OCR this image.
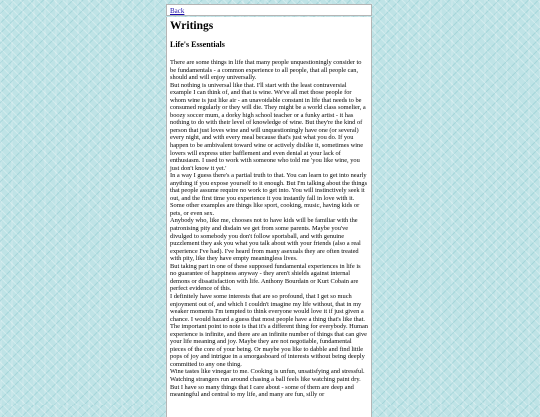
Back
Writings
Life's Essentials

There are some things in life that many people unquestioningly consider to be fundamentals - a common experience to all people, that all people can, should and will enjoy universally.

But nothing is universal like that. I'll start with the least contraversial example I can think of, and that is wine. We've all met those people for whom wine is just like air - an unavoidable constant in life that needs to be consumed regularly or they will die. They might be a world class somelier, a boozy soccer mum, a dorky high school teacher or a funky artist - it has nothing to do with their level of knowledge of wine. But they're the kind of person that just loves wine and will unquestioningly have one (or several) every night, and with every meal because that's just what you do. If you happen to be ambivalent toward wine or actively dislike it, sometimes wine lovers will express utter bafflement and even denial at your lack of enthusiasm. I used to work with someone who told me 'you like wine, you just don't know it yet.'

In a way I guess there's a partial truth to that. You can learn to get into nearly anything if you expose yourself to it enough. But I'm talking about the things that people assume require no work to get into. You will instinctively seek it out, and the first time you experience it you instantly fall in love with it.

Some other examples are things like sport, cooking, music, having kids or pets, or even sex.

Anybody who, like me, chooses not to have kids will be familiar with the patronising pity and disdain we get from some parents. Maybe you've divulged to somebody you don't follow sportsball, and with genuine puzzlement they ask you what you talk about with your friends (also a real experience I've had). I've heard from many asexuals they are often treated with pity, like they have empty meaningless lives.

But taking part in one of these supposed fundamental experiences in life is no guarantee of happiness anyway - they aren't shields against internal demons or dissatisfaction with life. Anthony Bourdain or Kurt Cobain are perfect evidence of this.

I definitely have some interests that are so profound, that I get so much enjoyment out of, and which I couldn't imagine my life without, that in my weaker moments I'm tempted to think everyone would love it if just given a chance. I would hazard a guess that most people have a thing that's like that. The important point to note is that it's a different thing for everybody. Human experience is infinite, and there are an infinite number of things that can give your life meaning and joy. Maybe they are not negotiable, fundamental pieces of the core of your being. Or maybe you like to dabble and find little pops of joy and intrigue in a smorgasboard of interests without being deeply committed to any one thing.

Wine tastes like vinegar to me. Cooking is unfun, unsatisfying and stressful. Watching strangers run around chasing a ball feels like watching paint dry. But I have so many things that I care about - some of them are deep and meaningful and central to my life, and many are fun, silly or
